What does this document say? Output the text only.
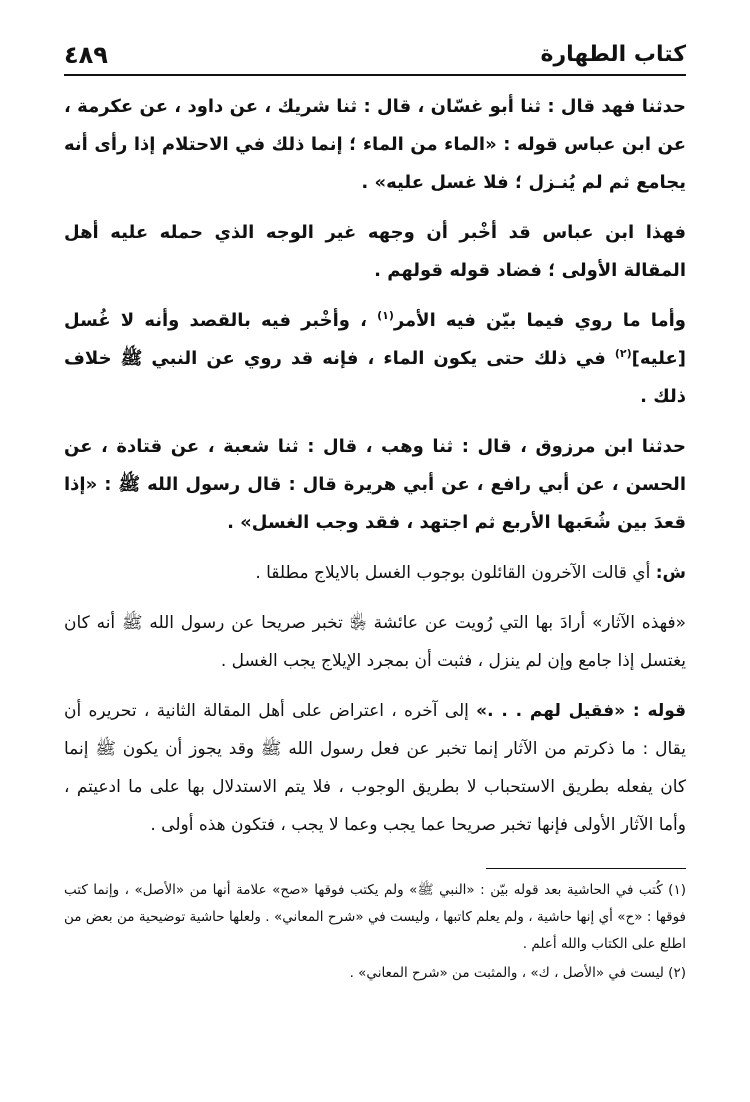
كتاب الطهارة
٤٨٩

حدثنا فهد قال : ثنا أبو غسّان ، قال : ثنا شريك ، عن داود ، عن عكرمة ، عن ابن عباس قوله : «الماء من الماء ؛ إنما ذلك في الاحتلام إذا رأى أنه يجامع ثم لم يُنـزل ؛ فلا غسل عليه» .

فهذا ابن عباس قد أخْبر أن وجهه غير الوجه الذي حمله عليه أهل المقالة الأولى ؛ فضاد قوله قولهم .

وأما ما روي فيما بيّن فيه الأمر$^{(١)}$ ، وأخْبر فيه بالقصد وأنه لا غُسل [عليه]$^{(٢)}$ في ذلك حتى يكون الماء ، فإنه قد روي عن النبي ﷺ خلاف ذلك .

حدثنا ابن مرزوق ، قال : ثنا وهب ، قال : ثنا شعبة ، عن قتادة ، عن الحسن ، عن أبي رافع ، عن أبي هريرة قال : قال رسول الله ﷺ : «إذا قعدَ بين شُعَبها الأربع ثم اجتهد ، فقد وجب الغسل» .

ش: أي قالت الآخرون القائلون بوجوب الغسل بالايلاج مطلقا .

«فهذه الآثار» أرادَ بها التي رُويت عن عائشة ﵂ تخبر صريحا عن رسول الله ﷺ أنه كان يغتسل إذا جامع وإن لم ينزل ، فثبت أن بمجرد الإيلاج يجب الغسل .

قوله : «فقيل لهم . . .» إلى آخره ، اعتراض على أهل المقالة الثانية ، تحريره أن يقال : ما ذكرتم من الآثار إنما تخبر عن فعل رسول الله ﷺ وقد يجوز أن يكون ﷺ إنما كان يفعله بطريق الاستحباب لا بطريق الوجوب ، فلا يتم الاستدلال بها على ما ادعيتم ، وأما الآثار الأولى فإنها تخبر صريحا عما يجب وعما لا يجب ، فتكون هذه أولى .

(١) كُتب في الحاشية بعد قوله بيّن : «النبي ﷺ» ولم يكتب فوقها «صح» علامة أنها من «الأصل» ، وإنما كتب فوقها : «ح» أي إنها حاشية ، ولم يعلم كاتبها ، وليست في «شرح المعاني» . ولعلها حاشية توضيحية من بعض من اطلع على الكتاب والله أعلم .

(٢) ليست في «الأصل ، ك» ، والمثبت من «شرح المعاني» .
